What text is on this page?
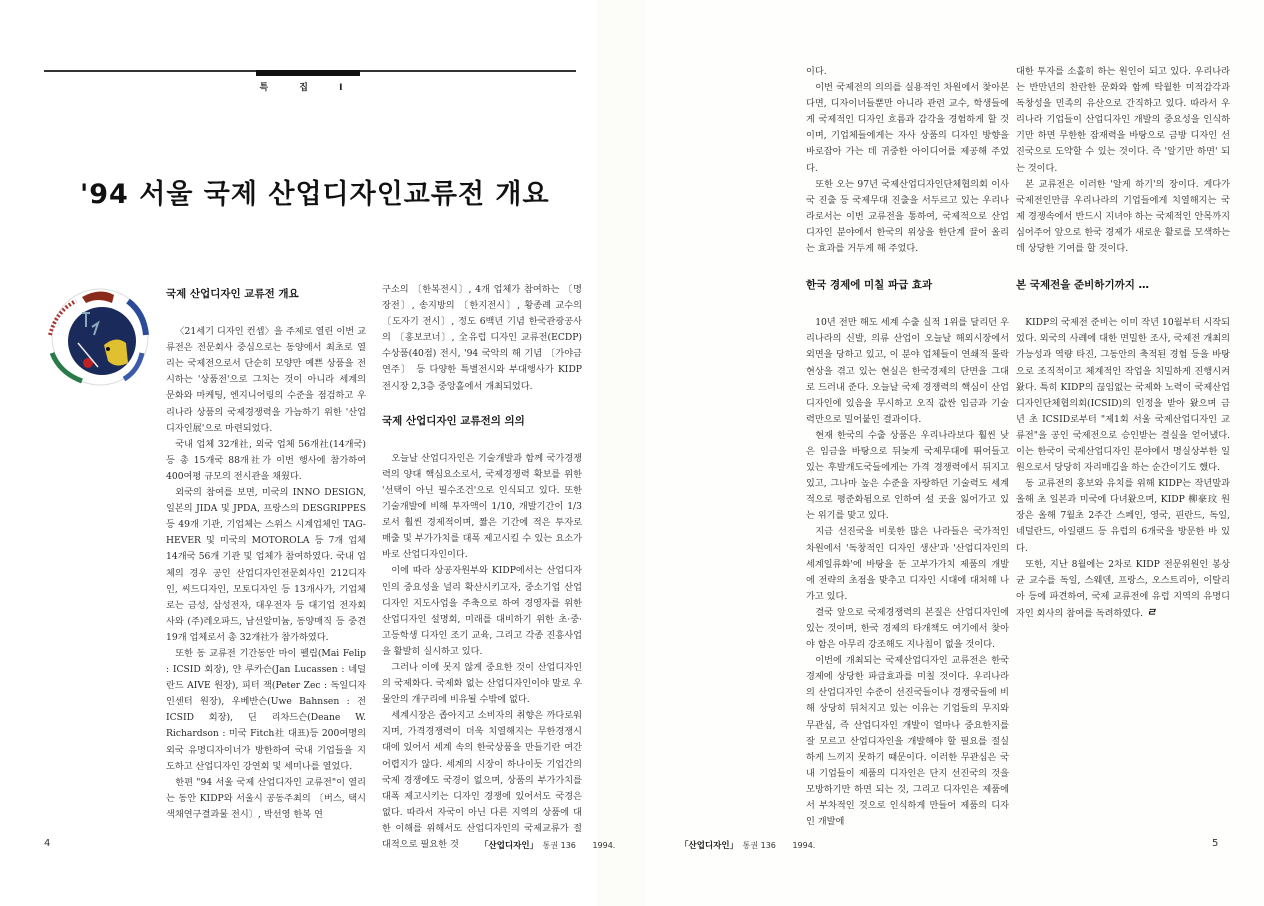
특 집 I
'94 서울 국제 산업디자인교류전 개요
국제 산업디자인 교류전 개요

〈21세기 디자인 컨셉〉을 주제로 열린 이번 교류전은 전문회사 중심으로는 동양에서 최초로 열리는 국제전으로서 단순히 모양만 예쁜 상품을 전시하는 '상품전'으로 그치는 것이 아니라 세계의 문화와 마케팅, 엔지니어링의 수준을 점검하고 우리나라 상품의 국제경쟁력을 가늠하기 위한 '산업디자인展'으로 마련되었다.

국내 업체 32개社, 외국 업체 56개社(14개국) 등 총 15개국 88개社가 이번 행사에 참가하여 400여평 규모의 전시관을 채웠다.

외국의 참여를 보면, 미국의 INNO DESIGN, 일본의 JIDA 및 JPDA, 프랑스의 DESGRIPPES 등 49개 기관, 기업체는 스위스 시계업체인 TAG-HEVER 및 미국의 MOTOROLA 등 7개 업체 14개국 56개 기관 및 업체가 참여하였다. 국내 업체의 경우 공인 산업디자인전문회사인 212디자인, 씨드디자인, 모토디자인 등 13개사가, 기업체로는 금성, 삼성전자, 대우전자 등 대기업 전자회사와 (주)레오파드, 남선알미늄, 동양매직 등 중견 19개 업체로서 총 32개社가 참가하였다.

또한 동 교류전 기간동안 마이 펠립(Mai Felip : ICSID 회장), 얀 루카슨(Jan Lucassen : 네덜란드 AIVE 원장), 피터 잭(Peter Zec : 독일디자인센터 원장), 우베반슨(Uwe Bahnsen : 전 ICSID 회장), 딘 리차드슨(Deane W. Richardson : 미국 Fitch社 대표)등 200여명의 외국 유명디자이너가 방한하여 국내 기업들을 지도하고 산업디자인 강연회 및 세미나를 열었다.

한편 "94 서울 국제 산업디자인 교류전"이 열리는 동안 KIDP와 서울시 공동주최의 〔버스, 택시 색채연구결과물 전시〕, 박선영 한복 연

구소의 〔한복전시〕, 4개 업체가 참여하는 〔명장전〕, 송지방의 〔한지전시〕, 황종례 교수의 〔도자기 전시〕, 정도 6백년 기념 한국관광공사의 〔홍보코너〕, 全유럽 디자인 교류전(ECDP) 수상품(40점) 전시, '94 국악의 해 기념 〔가야금 연주〕 등 다양한 특별전시와 부대행사가 KIDP 전시장 2,3층 중앙홀에서 개최되었다.

국제 산업디자인 교류전의 의의

오늘날 산업디자인은 기술개발과 함께 국가경쟁력의 양대 핵심요소로서, 국제경쟁력 확보를 위한 '선택이 아닌 필수조건'으로 인식되고 있다. 또한 기술개발에 비해 투자액이 1/10, 개발기간이 1/3로서 훨씬 경제적이며, 짧은 기간에 적은 투자로 매출 및 부가가치를 대폭 제고시킬 수 있는 요소가 바로 산업디자인이다.

이에 따라 상공자원부와 KIDP에서는 산업디자인의 중요성을 널리 확산시키고자, 중소기업 산업디자인 지도사업을 주축으로 하여 경영자를 위한 산업디자인 설명회, 미래를 대비하기 위한 초·중·고등학생 디자인 조기 교육, 그리고 각종 진흥사업을 활발히 실시하고 있다.

그러나 이에 못지 않게 중요한 것이 산업디자인의 국제화다. 국제화 없는 산업디자인이야 말로 우물안의 개구리에 비유될 수밖에 없다.

세계시장은 좁아지고 소비자의 취향은 까다로워지며, 가격경쟁력이 더욱 치열해지는 무한경쟁시대에 있어서 세계 속의 한국상품을 만들기란 여간 어렵지가 않다. 세계의 시장이 하나이듯 기업간의 국제 경쟁에도 국경이 없으며, 상품의 부가가치를 대폭 제고시키는 디자인 경쟁에 있어서도 국경은 없다. 따라서 자국이 아닌 다른 지역의 상품에 대한 이해를 위해서도 산업디자인의 국제교류가 절대적으로 필요한 것

4	「산업디자인」 통권 136 1994.

이다.

이번 국제전의 의의를 실용적인 차원에서 찾아본다면, 디자이너들뿐만 아니라 관련 교수, 학생들에게 국제적인 디자인 흐름과 감각을 경험하게 할 것이며, 기업체들에게는 자사 상품의 디자인 방향을 바로잡아 가는 데 귀중한 아이디어를 제공해 주었다.

또한 오는 97년 국제산업디자인단체협의회 이사국 진출 등 국제무대 진출을 서두르고 있는 우리나라로서는 이번 교류전을 통하여, 국제적으로 산업디자인 분야에서 한국의 위상을 한단계 끌어 올리는 효과를 거두게 해 주었다.

한국 경제에 미칠 파급 효과

10년 전만 해도 세계 수출 실적 1위를 달리던 우리나라의 신발, 의류 산업이 오늘날 해외시장에서 외면을 당하고 있고, 이 분야 업체들이 연쇄적 몰락현상을 겪고 있는 현실은 한국경제의 단면을 그대로 드러내 준다. 오늘날 국제 경쟁력의 핵심이 산업디자인에 있음을 무시하고 오직 값싼 임금과 기술력만으로 밀어붙인 결과이다.

현재 한국의 수출 상품은 우리나라보다 훨씬 낮은 임금을 바탕으로 뒤늦게 국제무대에 뛰어들고 있는 후발개도국들에게는 가격 경쟁력에서 뒤지고 있고, 그나마 높은 수준을 자랑하던 기술력도 세계적으로 평준화됨으로 인하여 설 곳을 잃어가고 있는 위기를 맞고 있다.

지금 선진국을 비롯한 많은 나라들은 국가적인 차원에서 '독창적인 디자인 생산'과 '산업디자인의 세계일류화'에 바탕을 둔 고부가가치 제품의 개발에 전략의 초점을 맞추고 디자인 시대에 대처해 나가고 있다.

결국 앞으로 국제경쟁력의 본질은 산업디자인에 있는 것이며, 한국 경제의 타개책도 여기에서 찾아야 함은 아무리 강조해도 지나침이 없을 것이다.

이번에 개최되는 국제산업디자인 교류전은 한국 경제에 상당한 파급효과를 미칠 것이다. 우리나라의 산업디자인 수준이 선진국들이나 경쟁국들에 비해 상당히 뒤처지고 있는 이유는 기업들의 무지와 무관심, 즉 산업디자인 개발이 얼마나 중요한지를 잘 모르고 산업디자인을 개발해야 할 필요를 절실하게 느끼지 못하기 때문이다. 이러한 무관심은 국내 기업들이 제품의 디자인은 단지 선진국의 것을 모방하기만 하면 되는 것, 그리고 디자인은 제품에서 부차적인 것으로 인식하게 만들어 제품의 디자인 개발에

대한 투자를 소홀히 하는 원인이 되고 있다. 우리나라는 반만년의 찬란한 문화와 함께 탁월한 미적감각과 독창성을 민족의 유산으로 간직하고 있다. 따라서 우리나라 기업들이 산업디자인 개발의 중요성을 인식하기만 하면 무한한 잠재력을 바탕으로 금방 디자인 선진국으로 도약할 수 있는 것이다. 즉 '알기만 하면' 되는 것이다.

본 교류전은 이러한 '알게 하기'의 장이다. 게다가 국제전인만큼 우리나라의 기업들에게 치열해지는 국제 경쟁속에서 반드시 지녀야 하는 국제적인 안목까지 심어주어 앞으로 한국 경제가 새로운 활로를 모색하는데 상당한 기여를 할 것이다.

본 국제전을 준비하기까지 …

KIDP의 국제전 준비는 이미 작년 10월부터 시작되었다. 외국의 사례에 대한 면밀한 조사, 국제전 개최의 가능성과 역량 타진, 그동안의 축적된 경험 등을 바탕으로 조직적이고 체계적인 작업을 치밀하게 진행시켜왔다. 특히 KIDP의 끊임없는 국제화 노력이 국제산업디자인단체협의회(ICSID)의 인정을 받아 왔으며 금년 초 ICSID로부터 "제1회 서울 국제산업디자인 교류전"을 공인 국제전으로 승인받는 결실을 얻어냈다. 이는 한국이 국제산업디자인 분야에서 명실상부한 일원으로서 당당히 자리매김을 하는 순간이기도 했다.

동 교류전의 홍보와 유치를 위해 KIDP는 작년말과 올해 초 일본과 미국에 다녀왔으며, KIDP 柳豪玟 원장은 올해 7월초 2주간 스페인, 영국, 핀란드, 독일, 네덜란드, 아일랜드 등 유럽의 6개국을 방문한 바 있다.

또한, 지난 8월에는 2차로 KIDP 전문위원인 봉상균 교수를 독일, 스웨덴, 프랑스, 오스트리아, 이탈리아 등에 파견하여, 국제 교류전에 유럽 지역의 유명디자인 회사의 참여를 독려하였다. ㄹ

「산업디자인」 통권 136 1994.	5
